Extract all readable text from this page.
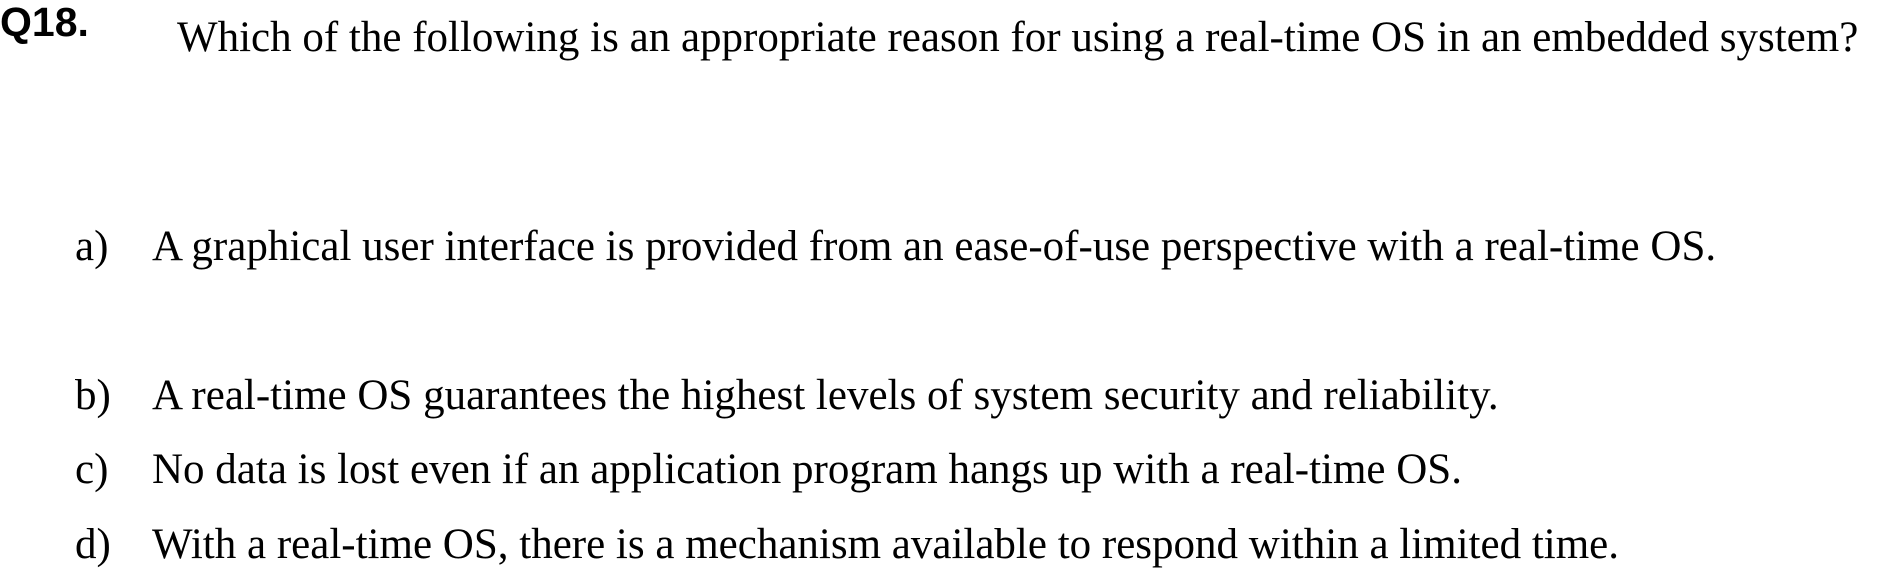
Q18.	Which of the following is an appropriate reason for using a real-time OS in an embedded system?

a) A graphical user interface is provided from an ease-of-use perspective with a real-time OS.
b) A real-time OS guarantees the highest levels of system security and reliability.
c) No data is lost even if an application program hangs up with a real-time OS.
d) With a real-time OS, there is a mechanism available to respond within a limited time.
